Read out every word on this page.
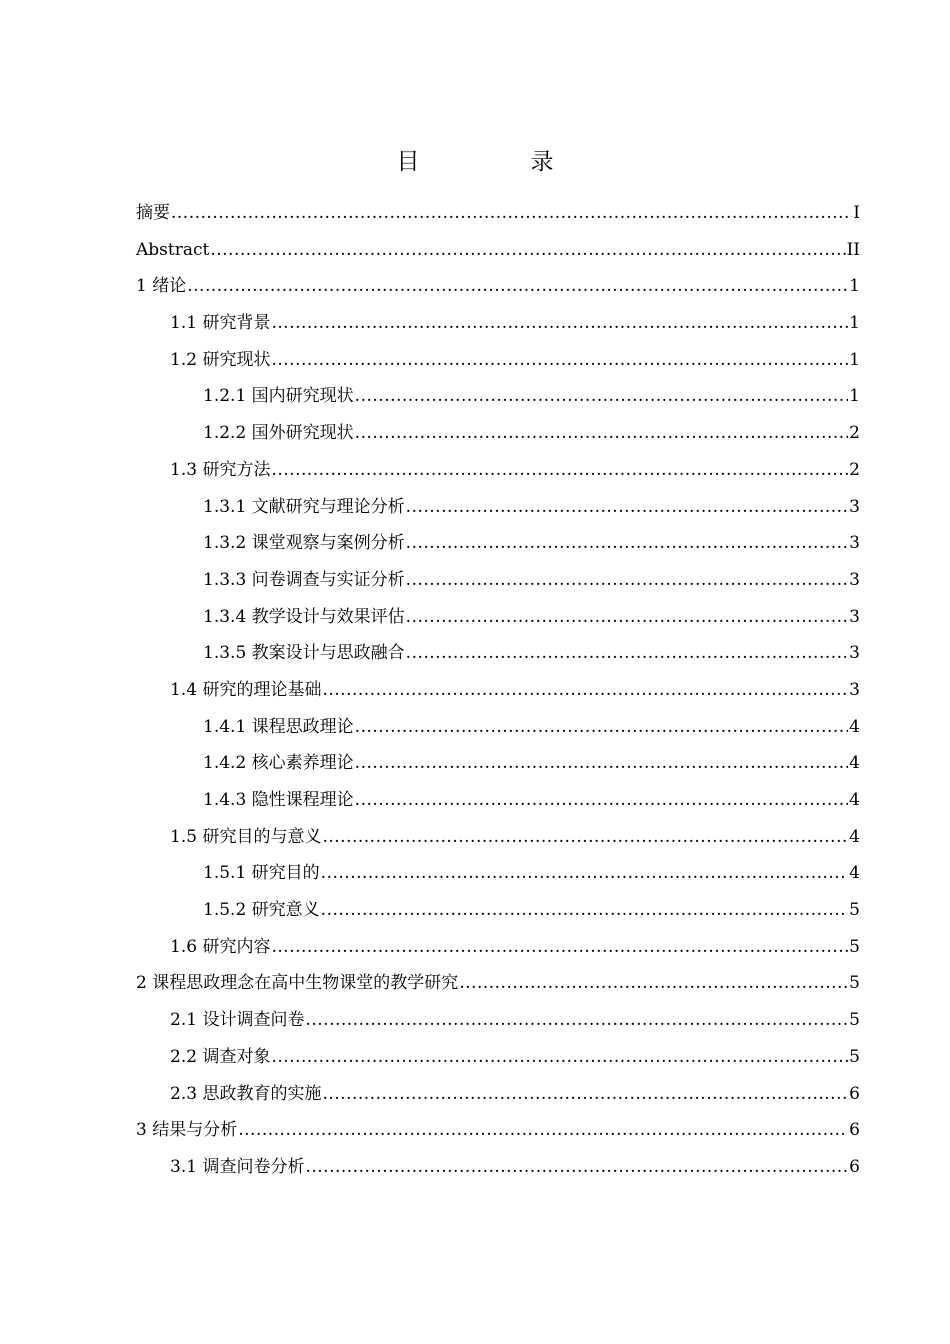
目　录
摘要 .....	I
Abstract .....	II
1 绪论 .....	1
1.1 研究背景 .....	1
1.2 研究现状 .....	1
1.2.1 国内研究现状 .....	1
1.2.2 国外研究现状 .....	2
1.3 研究方法 .....	2
1.3.1 文献研究与理论分析 .....	3
1.3.2 课堂观察与案例分析 .....	3
1.3.3 问卷调查与实证分析 .....	3
1.3.4 教学设计与效果评估 .....	3
1.3.5 教案设计与思政融合 .....	3
1.4 研究的理论基础 .....	3
1.4.1 课程思政理论 .....	4
1.4.2 核心素养理论 .....	4
1.4.3 隐性课程理论 .....	4
1.5 研究目的与意义 .....	4
1.5.1 研究目的 .....	4
1.5.2 研究意义 .....	5
1.6 研究内容 .....	5
2 课程思政理念在高中生物课堂的教学研究 .....	5
2.1 设计调查问卷 .....	5
2.2 调查对象 .....	5
2.3 思政教育的实施 .....	6
3 结果与分析 .....	6
3.1 调查问卷分析 .....	6
